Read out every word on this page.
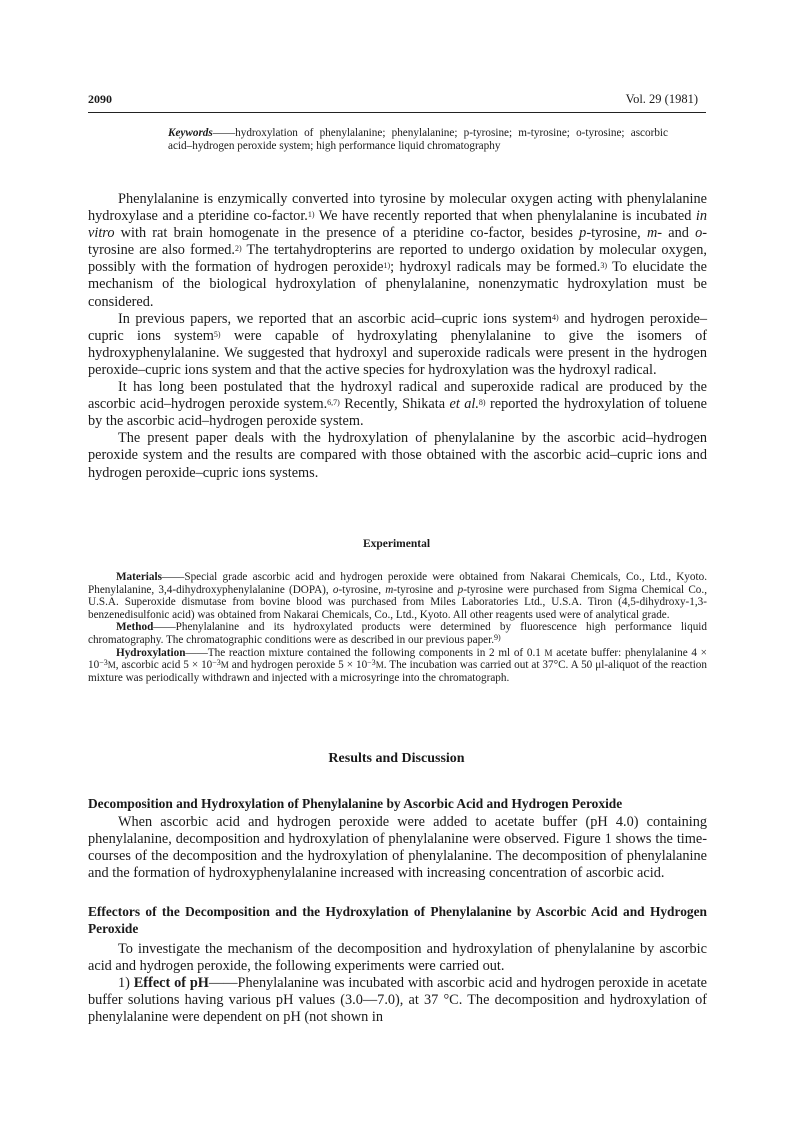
2090	Vol. 29 (1981)
Keywords——hydroxylation of phenylalanine; phenylalanine; p-tyrosine; m-tyrosine; o-tyrosine; ascorbic acid–hydrogen peroxide system; high performance liquid chromatography

Phenylalanine is enzymically converted into tyrosine by molecular oxygen acting with phenylalanine hydroxylase and a pteridine co-factor.$^{1)}$ We have recently reported that when phenylalanine is incubated in vitro with rat brain homogenate in the presence of a pteridine co-factor, besides p-tyrosine, m- and o-tyrosine are also formed.$^{2)}$ The tertahydropterins are reported to undergo oxidation by molecular oxygen, possibly with the formation of hydrogen peroxide$^{1)}$; hydroxyl radicals may be formed.$^{3)}$ To elucidate the mechanism of the biological hydroxylation of phenylalanine, nonenzymatic hydroxylation must be considered.

In previous papers, we reported that an ascorbic acid–cupric ions system$^{4)}$ and hydrogen peroxide–cupric ions system$^{5)}$ were capable of hydroxylating phenylalanine to give the isomers of hydroxyphenylalanine. We suggested that hydroxyl and superoxide radicals were present in the hydrogen peroxide–cupric ions system and that the active species for hydroxylation was the hydroxyl radical.

It has long been postulated that the hydroxyl radical and superoxide radical are produced by the ascorbic acid–hydrogen peroxide system.$^{6,7)}$ Recently, Shikata et al.$^{8)}$ reported the hydroxylation of toluene by the ascorbic acid–hydrogen peroxide system.

The present paper deals with the hydroxylation of phenylalanine by the ascorbic acid–hydrogen peroxide system and the results are compared with those obtained with the ascorbic acid–cupric ions and hydrogen peroxide–cupric ions systems.

Experimental

Materials——Special grade ascorbic acid and hydrogen peroxide were obtained from Nakarai Chemicals, Co., Ltd., Kyoto. Phenylalanine, 3,4-dihydroxyphenylalanine (DOPA), o-tyrosine, m-tyrosine and p-tyrosine were purchased from Sigma Chemical Co., U.S.A. Superoxide dismutase from bovine blood was purchased from Miles Laboratories Ltd., U.S.A. Tiron (4,5-dihydroxy-1,3-benzenedisulfonic acid) was obtained from Nakarai Chemicals, Co., Ltd., Kyoto. All other reagents used were of analytical grade.

Method——Phenylalanine and its hydroxylated products were determined by fluorescence high performance liquid chromatography. The chromatographic conditions were as described in our previous paper.$^{9)}$

Hydroxylation——The reaction mixture contained the following components in 2 ml of 0.1 M acetate buffer: phenylalanine $4 \times 10^{-3}M$, ascorbic acid $5 \times 10^{-3}M$ and hydrogen peroxide $5 \times 10^{-3}M$. The incubation was carried out at 37°C. A 50 μl-aliquot of the reaction mixture was periodically withdrawn and injected with a microsyringe into the chromatograph.

Results and Discussion
Decomposition and Hydroxylation of Phenylalanine by Ascorbic Acid and Hydrogen Peroxide

When ascorbic acid and hydrogen peroxide were added to acetate buffer (pH 4.0) containing phenylalanine, decomposition and hydroxylation of phenylalanine were observed. Figure 1 shows the time-courses of the decomposition and the hydroxylation of phenylalanine. The decomposition of phenylalanine and the formation of hydroxyphenylalanine increased with increasing concentration of ascorbic acid.

Effectors of the Decomposition and the Hydroxylation of Phenylalanine by Ascorbic Acid and Hydrogen Peroxide

To investigate the mechanism of the decomposition and hydroxylation of phenylalanine by ascorbic acid and hydrogen peroxide, the following experiments were carried out.

1) Effect of pH——Phenylalanine was incubated with ascorbic acid and hydrogen peroxide in acetate buffer solutions having various pH values (3.0—7.0), at 37 °C. The decomposition and hydroxylation of phenylalanine were dependent on pH (not shown in
